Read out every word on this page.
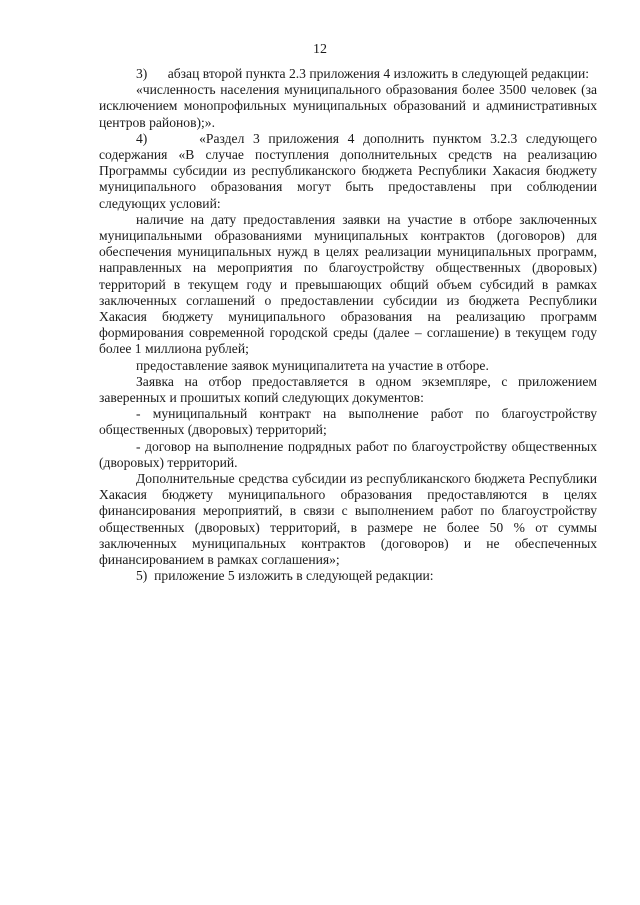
12

3)      абзац второй пункта 2.3 приложения 4 изложить в следующей редакции:

«численность населения муниципального образования более 3500 человек (за исключением монопрофильных муниципальных образований и административных центров районов);».

4)      «Раздел 3 приложения 4 дополнить пунктом 3.2.3 следующего содержания «В случае поступления дополнительных средств на реализацию Программы субсидии из республиканского бюджета Республики Хакасия бюджету муниципального образования могут быть предоставлены при соблюдении следующих условий:

наличие на дату предоставления заявки на участие в отборе заключенных муниципальными образованиями муниципальных контрактов (договоров) для обеспечения муниципальных нужд в целях реализации муниципальных программ, направленных на мероприятия по благоустройству общественных (дворовых) территорий в текущем году и превышающих общий объем субсидий в рамках заключенных соглашений о предоставлении субсидии из бюджета Республики Хакасия бюджету муниципального образования на реализацию программ формирования современной городской среды (далее – соглашение) в текущем году более 1 миллиона рублей;

предоставление заявок муниципалитета на участие в отборе.

Заявка на отбор предоставляется в одном экземпляре, с приложением заверенных и прошитых копий следующих документов:

- муниципальный контракт на выполнение работ по благоустройству общественных (дворовых) территорий;

- договор на выполнение подрядных работ по благоустройству общественных (дворовых) территорий.

Дополнительные средства субсидии из республиканского бюджета Республики Хакасия бюджету муниципального образования предоставляются в целях финансирования мероприятий, в связи с выполнением работ по благоустройству общественных (дворовых) территорий, в размере не более 50 % от суммы заключенных муниципальных контрактов (договоров) и не обеспеченных финансированием в рамках соглашения»;

5)  приложение 5 изложить в следующей редакции:
